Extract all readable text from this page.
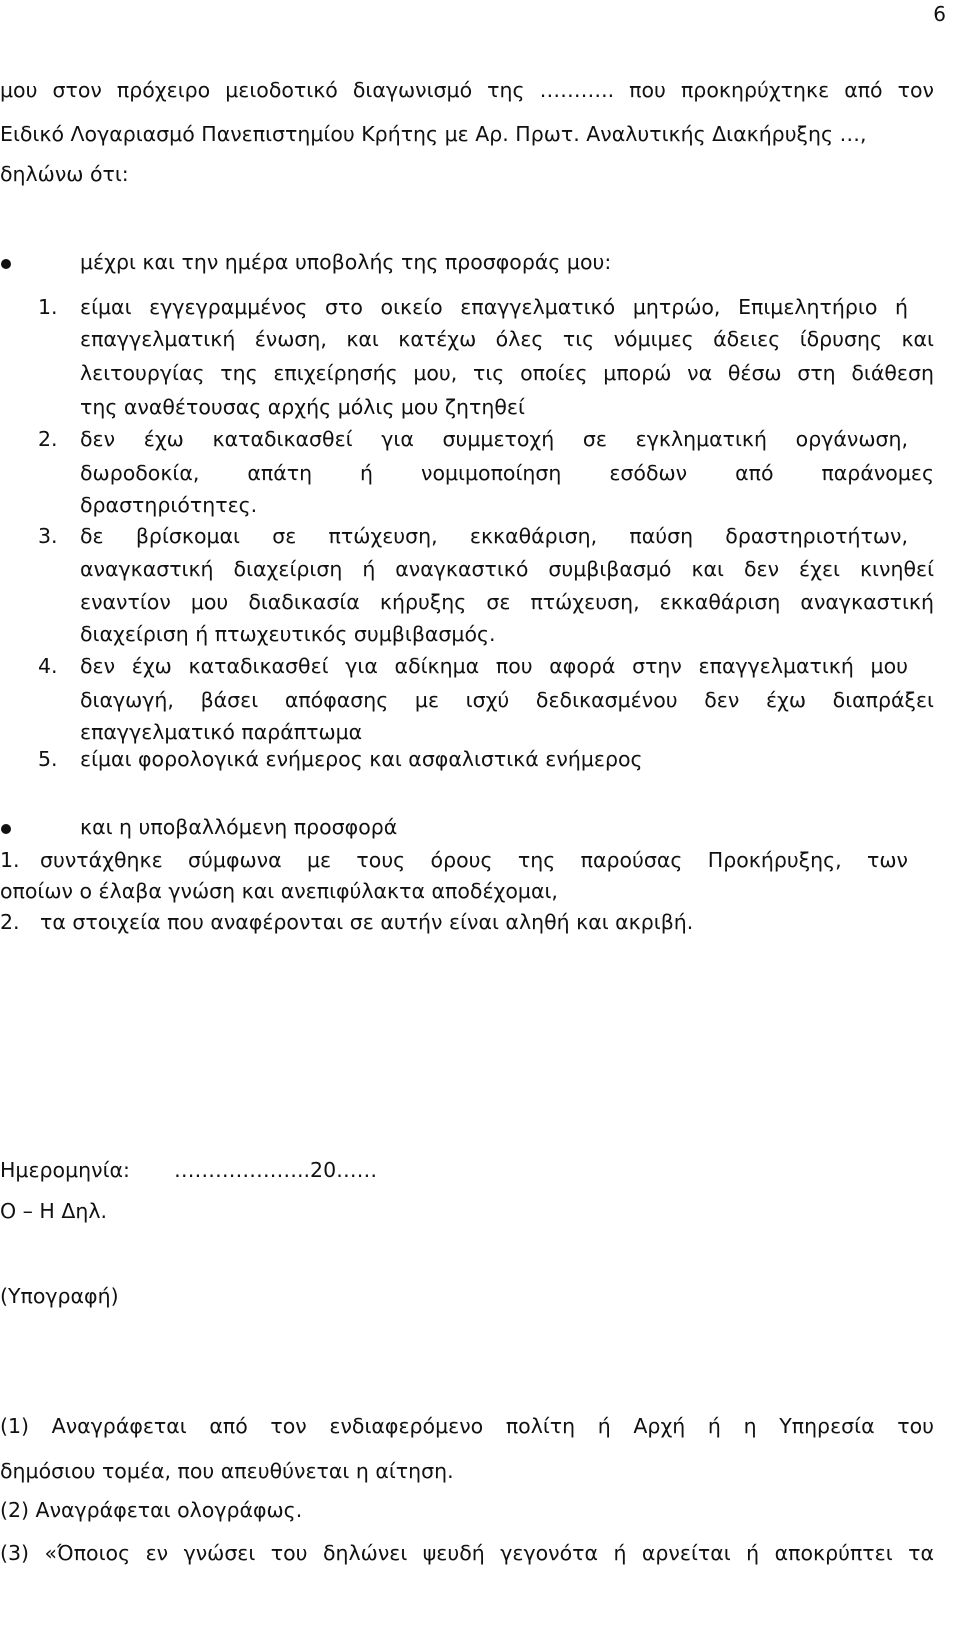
6
μου στον πρόχειρο μειοδοτικό διαγωνισμό της ……….. που προκηρύχτηκε από τον
Ειδικό Λογαριασμό Πανεπιστημίου Κρήτης με Αρ. Πρωτ. Αναλυτικής Διακήρυξης …,
δηλώνω ότι:
μέχρι και την ημέρα υποβολής της προσφοράς μου:
1. είμαι εγγεγραμμένος στο οικείο επαγγελματικό μητρώο, Επιμελητήριο ή
επαγγελματική ένωση, και κατέχω όλες τις νόμιμες άδειες ίδρυσης και
λειτουργίας της επιχείρησής μου, τις οποίες μπορώ να θέσω στη διάθεση
της αναθέτουσας αρχής μόλις μου ζητηθεί
2. δεν έχω καταδικασθεί για συμμετοχή σε εγκληματική οργάνωση,
δωροδοκία, απάτη ή νομιμοποίηση εσόδων από παράνομες
δραστηριότητες.
3. δε βρίσκομαι σε πτώχευση, εκκαθάριση, παύση δραστηριοτήτων,
αναγκαστική διαχείριση ή αναγκαστικό συμβιβασμό και δεν έχει κινηθεί
εναντίον μου διαδικασία κήρυξης σε πτώχευση, εκκαθάριση αναγκαστική
διαχείριση ή πτωχευτικός συμβιβασμός.
4. δεν έχω καταδικασθεί για αδίκημα που αφορά στην επαγγελματική μου
διαγωγή, βάσει απόφασης με ισχύ δεδικασμένου δεν έχω διαπράξει
επαγγελματικό παράπτωμα
5. είμαι φορολογικά ενήμερος και ασφαλιστικά ενήμερος
και η υποβαλλόμενη προσφορά
1. συντάχθηκε σύμφωνα με τους όρους της παρούσας Προκήρυξης, των
οποίων ο έλαβα γνώση και ανεπιφύλακτα αποδέχομαι,
2. τα στοιχεία που αναφέρονται σε αυτήν είναι αληθή και ακριβή.
Ημερομηνία: ………………..20……
Ο – Η Δηλ.
(Υπογραφή)
(1) Αναγράφεται από τον ενδιαφερόμενο πολίτη ή Αρχή ή η Υπηρεσία του
δημόσιου τομέα, που απευθύνεται η αίτηση.
(2) Αναγράφεται ολογράφως.
(3) «Όποιος εν γνώσει του δηλώνει ψευδή γεγονότα ή αρνείται ή αποκρύπτει τα
